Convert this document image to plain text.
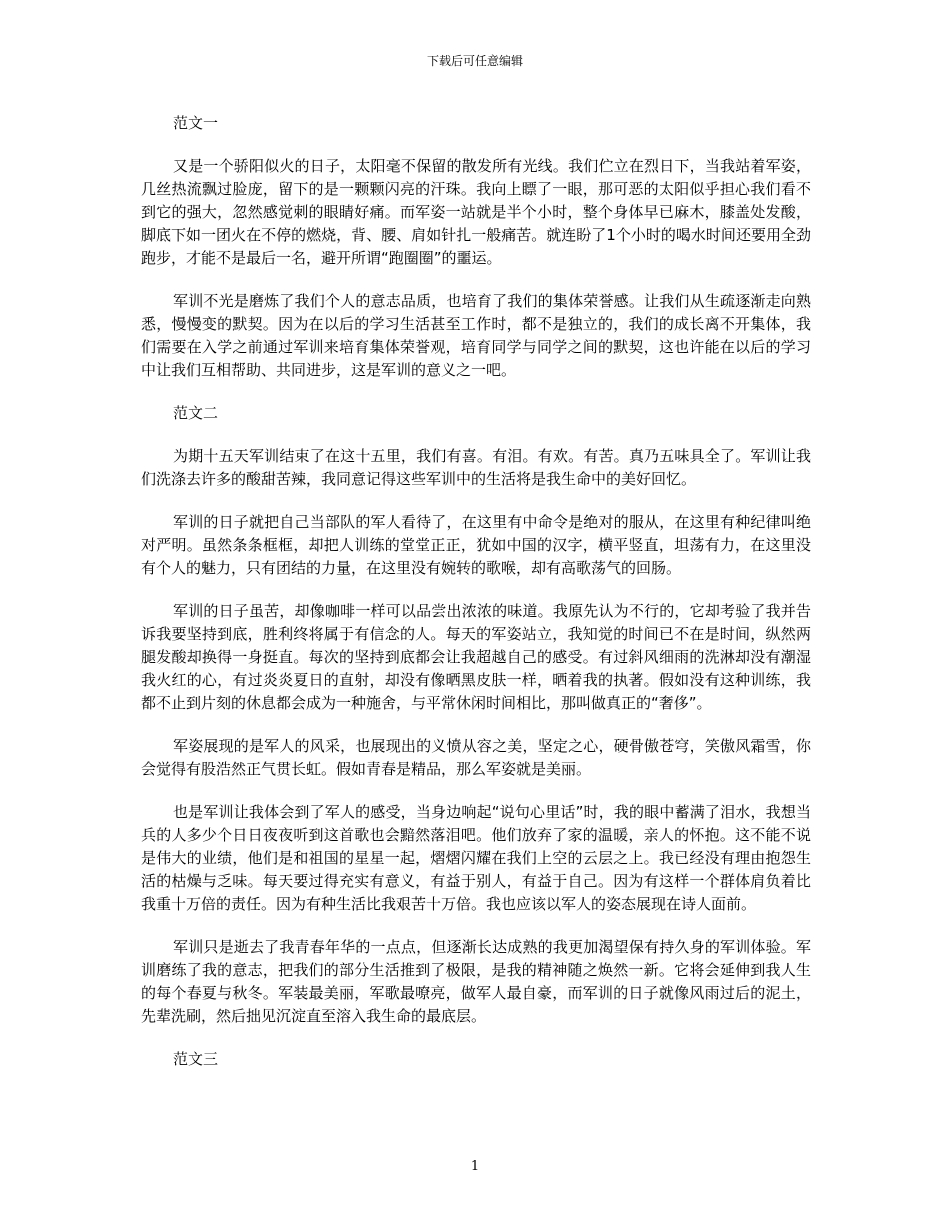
下载后可任意编辑
范文一

又是一个骄阳似火的日子，太阳毫不保留的散发所有光线。我们伫立在烈日下，当我站着军姿，几丝热流飘过脸庞，留下的是一颗颗闪亮的汗珠。我向上瞟了一眼，那可恶的太阳似乎担心我们看不到它的强大，忽然感觉刺的眼睛好痛。而军姿一站就是半个小时，整个身体早已麻木，膝盖处发酸，脚底下如一团火在不停的燃烧，背、腰、肩如针扎一般痛苦。就连盼了1个小时的喝水时间还要用全劲跑步，才能不是最后一名，避开所谓“跑圈圈”的噩运。

军训不光是磨炼了我们个人的意志品质，也培育了我们的集体荣誉感。让我们从生疏逐渐走向熟悉，慢慢变的默契。因为在以后的学习生活甚至工作时，都不是独立的，我们的成长离不开集体，我们需要在入学之前通过军训来培育集体荣誉观，培育同学与同学之间的默契，这也许能在以后的学习中让我们互相帮助、共同进步，这是军训的意义之一吧。

范文二

为期十五天军训结束了在这十五里，我们有喜。有泪。有欢。有苦。真乃五味具全了。军训让我们洗涤去许多的酸甜苦辣，我同意记得这些军训中的生活将是我生命中的美好回忆。

军训的日子就把自己当部队的军人看待了，在这里有中命令是绝对的服从，在这里有种纪律叫绝对严明。虽然条条框框，却把人训练的堂堂正正，犹如中国的汉字，横平竖直，坦荡有力，在这里没有个人的魅力，只有团结的力量，在这里没有婉转的歌喉，却有高歌荡气的回肠。

军训的日子虽苦，却像咖啡一样可以品尝出浓浓的味道。我原先认为不行的，它却考验了我并告诉我要坚持到底，胜利终将属于有信念的人。每天的军姿站立，我知觉的时间已不在是时间，纵然两腿发酸却换得一身挺直。每次的坚持到底都会让我超越自己的感受。有过斜风细雨的洗淋却没有潮湿我火红的心，有过炎炎夏日的直射，却没有像晒黑皮肤一样，晒着我的执著。假如没有这种训练，我都不止到片刻的休息都会成为一种施舍，与平常休闲时间相比，那叫做真正的“奢侈”。

军姿展现的是军人的风采，也展现出的义愤从容之美，坚定之心，硬骨傲苍穹，笑傲风霜雪，你会觉得有股浩然正气贯长虹。假如青春是精品，那么军姿就是美丽。

也是军训让我体会到了军人的感受，当身边响起“说句心里话”时，我的眼中蓄满了泪水，我想当兵的人多少个日日夜夜听到这首歌也会黯然落泪吧。他们放弃了家的温暖，亲人的怀抱。这不能不说是伟大的业绩，他们是和祖国的星星一起，熠熠闪耀在我们上空的云层之上。我已经没有理由抱怨生活的枯燥与乏味。每天要过得充实有意义，有益于别人，有益于自己。因为有这样一个群体肩负着比我重十万倍的责任。因为有种生活比我艰苦十万倍。我也应该以军人的姿态展现在诗人面前。

军训只是逝去了我青春年华的一点点，但逐渐长达成熟的我更加渴望保有持久身的军训体验。军训磨练了我的意志，把我们的部分生活推到了极限，是我的精神随之焕然一新。它将会延伸到我人生的每个春夏与秋冬。军装最美丽，军歌最嘹亮，做军人最自豪，而军训的日子就像风雨过后的泥土，先辈洗刷，然后拙见沉淀直至溶入我生命的最底层。

范文三
1
